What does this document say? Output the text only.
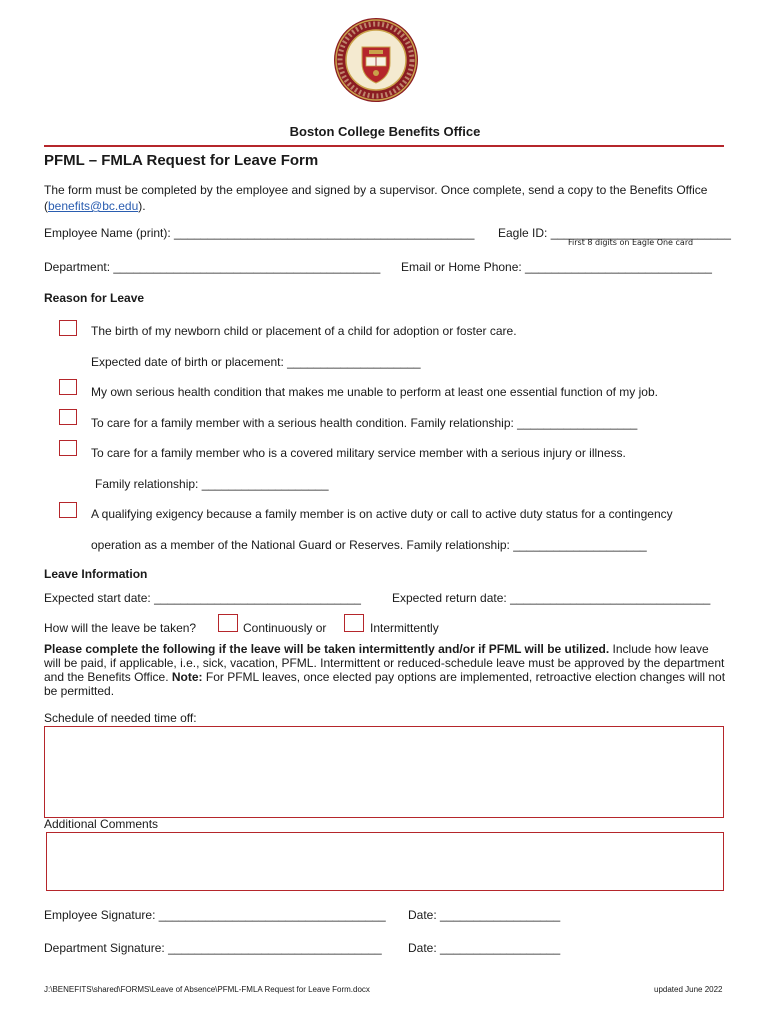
Boston College Benefits Office
PFML – FMLA Request for Leave Form
The form must be completed by the employee and signed by a supervisor. Once complete, send a copy to the Benefits Office (benefits@bc.edu).
Employee Name (print): _____________________________________________ Eagle ID: ___________________________
First 8 digits on Eagle One card
Department: ________________________________________ Email or Home Phone: ____________________________
Reason for Leave
The birth of my newborn child or placement of a child for adoption or foster care.
Expected date of birth or placement: ____________________
My own serious health condition that makes me unable to perform at least one essential function of my job.
To care for a family member with a serious health condition. Family relationship: __________________
To care for a family member who is a covered military service member with a serious injury or illness.
Family relationship: ___________________
A qualifying exigency because a family member is on active duty or call to active duty status for a contingency
operation as a member of the National Guard or Reserves. Family relationship: ____________________
Leave Information
Expected start date: _______________________________	Expected return date: ______________________________
How will the leave be taken?	Continuously or	Intermittently
Please complete the following if the leave will be taken intermittently and/or if PFML will be utilized. Include how leave will be paid, if applicable, i.e., sick, vacation, PFML. Intermittent or reduced-schedule leave must be approved by the department and the Benefits Office. Note: For PFML leaves, once elected pay options are implemented, retroactive election changes will not be permitted.
Schedule of needed time off:
Additional Comments
Employee Signature: __________________________________ Date: __________________
Department Signature: ________________________________ Date: __________________
J:\BENEFITS\shared\FORMS\Leave of Absence\PFML-FMLA Request for Leave Form.docx	updated June 2022
